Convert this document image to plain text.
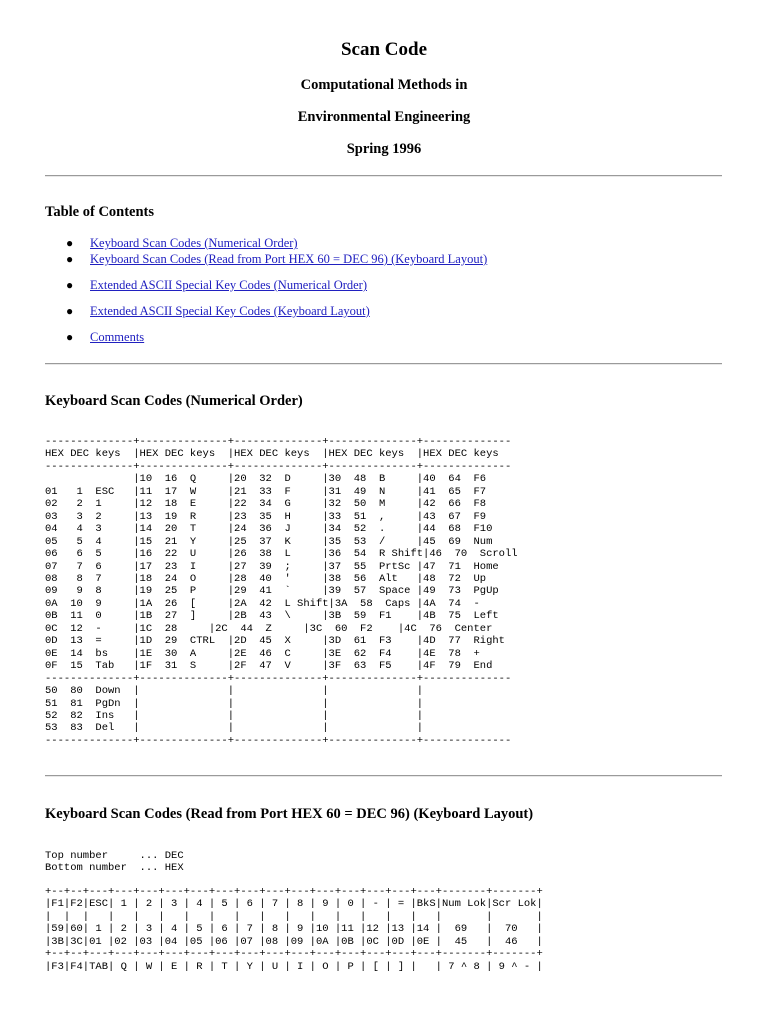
Scan Code
Computational Methods in
Environmental Engineering
Spring 1996
Table of Contents
● Keyboard Scan Codes (Numerical Order)
● Keyboard Scan Codes (Read from Port HEX 60 = DEC 96) (Keyboard Layout)
● Extended ASCII Special Key Codes (Numerical Order)
● Extended ASCII Special Key Codes (Keyboard Layout)
● Comments
Keyboard Scan Codes (Numerical Order)
--------------+--------------+--------------+--------------+--------------
HEX DEC keys  |HEX DEC keys  |HEX DEC keys  |HEX DEC keys  |HEX DEC keys
--------------+--------------+--------------+--------------+--------------
|10  16  Q     |20  32  D     |30  48  B     |40  64  F6
01   1  ESC   |11  17  W     |21  33  F     |31  49  N     |41  65  F7
02   2  1     |12  18  E     |22  34  G     |32  50  M     |42  66  F8
03   3  2     |13  19  R     |23  35  H     |33  51  ,     |43  67  F9
04   4  3     |14  20  T     |24  36  J     |34  52  .     |44  68  F10
05   5  4     |15  21  Y     |25  37  K     |35  53  /     |45  69  Num
06   6  5     |16  22  U     |26  38  L     |36  54  R Shift|46  70  Scroll
07   7  6     |17  23  I     |27  39  ;     |37  55  PrtSc |47  71  Home
08   8  7     |18  24  O     |28  40  '     |38  56  Alt   |48  72  Up
09   9  8     |19  25  P     |29  41  `     |39  57  Space |49  73  PgUp
0A  10  9     |1A  26  [     |2A  42  L Shift|3A  58  Caps |4A  74  -
0B  11  0     |1B  27  ]     |2B  43  \     |3B  59  F1    |4B  75  Left
0C  12  -     |1C  28     |2C  44  Z     |3C  60  F2    |4C  76  Center
0D  13  =     |1D  29  CTRL  |2D  45  X     |3D  61  F3    |4D  77  Right
0E  14  bs    |1E  30  A     |2E  46  C     |3E  62  F4    |4E  78  +
0F  15  Tab   |1F  31  S     |2F  47  V     |3F  63  F5    |4F  79  End
--------------+--------------+--------------+--------------+--------------
50  80  Down  |              |              |              |
51  81  PgDn  |              |              |              |
52  82  Ins   |              |              |              |
53  83  Del   |              |              |              |
--------------+--------------+--------------+--------------+--------------
Keyboard Scan Codes (Read from Port HEX 60 = DEC 96) (Keyboard Layout)
Top number     ... DEC
Bottom number  ... HEX
+--+--+---+---+---+---+---+---+---+---+---+---+---+---+---+---+-------+-------+
|F1|F2|ESC| 1 | 2 | 3 | 4 | 5 | 6 | 7 | 8 | 9 | 0 | - | = |BkS|Num Lok|Scr Lok|
|  |  |   |   |   |   |   |   |   |   |   |   |   |   |   |   |       |       |
|59|60| 1 | 2 | 3 | 4 | 5 | 6 | 7 | 8 | 9 |10 |11 |12 |13 |14 |  69   |  70   |
|3B|3C|01 |02 |03 |04 |05 |06 |07 |08 |09 |0A |0B |0C |0D |0E |  45   |  46   |
+--+--+---+---+---+---+---+---+---+---+---+---+---+---+---+---+-------+-------+
|F3|F4|TAB| Q | W | E | R | T | Y | U | I | O | P | [ | ] |   | 7 ^ 8 | 9 ^ - |
